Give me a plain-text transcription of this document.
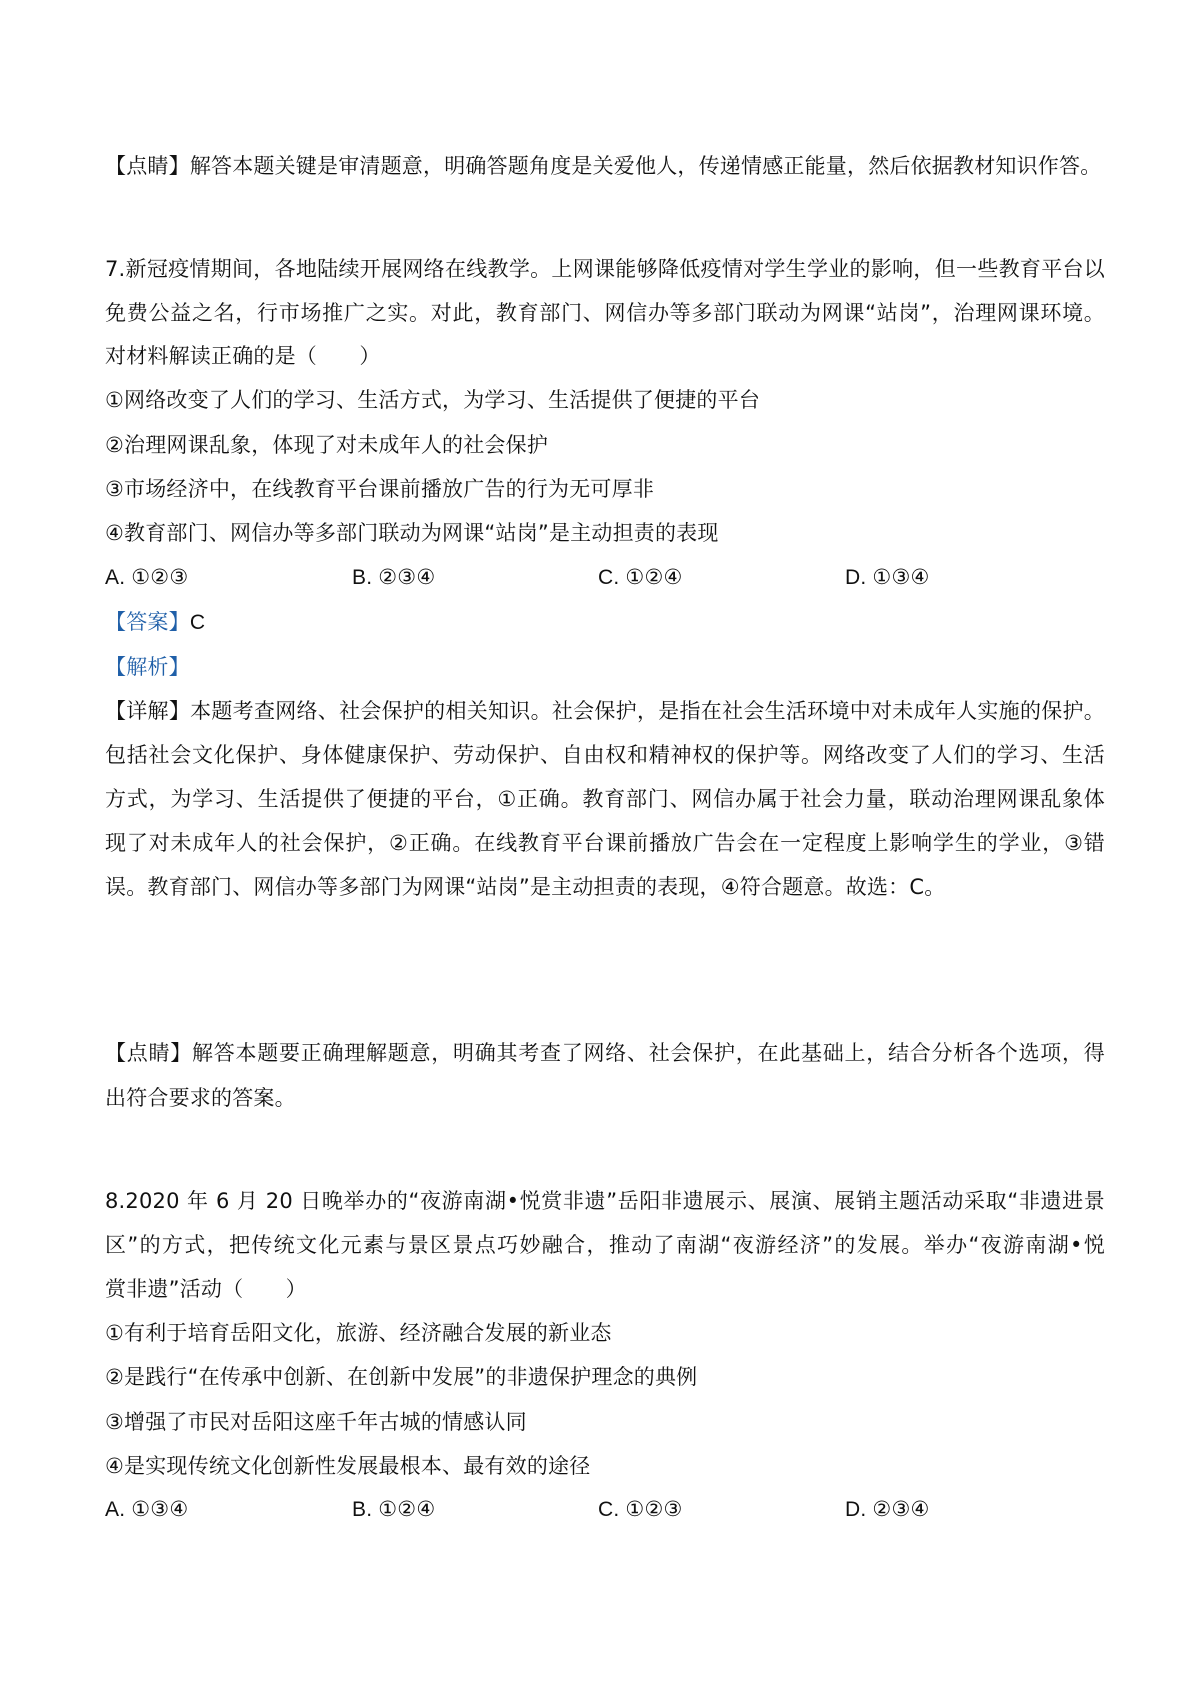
【点睛】解答本题关键是审清题意，明确答题角度是关爱他人，传递情感正能量，然后依据教材知识作答。
7.新冠疫情期间，各地陆续开展网络在线教学。上网课能够降低疫情对学生学业的影响，但一些教育平台以
免费公益之名，行市场推广之实。对此，教育部门、网信办等多部门联动为网课“站岗”，治理网课环境。
对材料解读正确的是（　　）
①网络改变了人们的学习、生活方式，为学习、生活提供了便捷的平台
②治理网课乱象，体现了对未成年人的社会保护
③市场经济中，在线教育平台课前播放广告的行为无可厚非
④教育部门、网信办等多部门联动为网课“站岗”是主动担责的表现
A. ①②③	B. ②③④	C. ①②④	D. ①③④
【答案】C
【解析】
【详解】本题考查网络、社会保护的相关知识。社会保护，是指在社会生活环境中对未成年人实施的保护。
包括社会文化保护、身体健康保护、劳动保护、自由权和精神权的保护等。网络改变了人们的学习、生活
方式，为学习、生活提供了便捷的平台，①正确。教育部门、网信办属于社会力量，联动治理网课乱象体
现了对未成年人的社会保护，②正确。在线教育平台课前播放广告会在一定程度上影响学生的学业，③错
误。教育部门、网信办等多部门为网课“站岗”是主动担责的表现，④符合题意。故选：C。
【点睛】解答本题要正确理解题意，明确其考查了网络、社会保护，在此基础上，结合分析各个选项，得
出符合要求的答案。
8.2020 年 6 月 20 日晚举办的“夜游南湖•悦赏非遗”岳阳非遗展示、展演、展销主题活动采取“非遗进景
区”的方式，把传统文化元素与景区景点巧妙融合，推动了南湖“夜游经济”的发展。举办“夜游南湖•悦
赏非遗”活动（　　）
①有利于培育岳阳文化，旅游、经济融合发展的新业态
②是践行“在传承中创新、在创新中发展”的非遗保护理念的典例
③增强了市民对岳阳这座千年古城的情感认同
④是实现传统文化创新性发展最根本、最有效的途径
A. ①③④	B. ①②④	C. ①②③	D. ②③④
